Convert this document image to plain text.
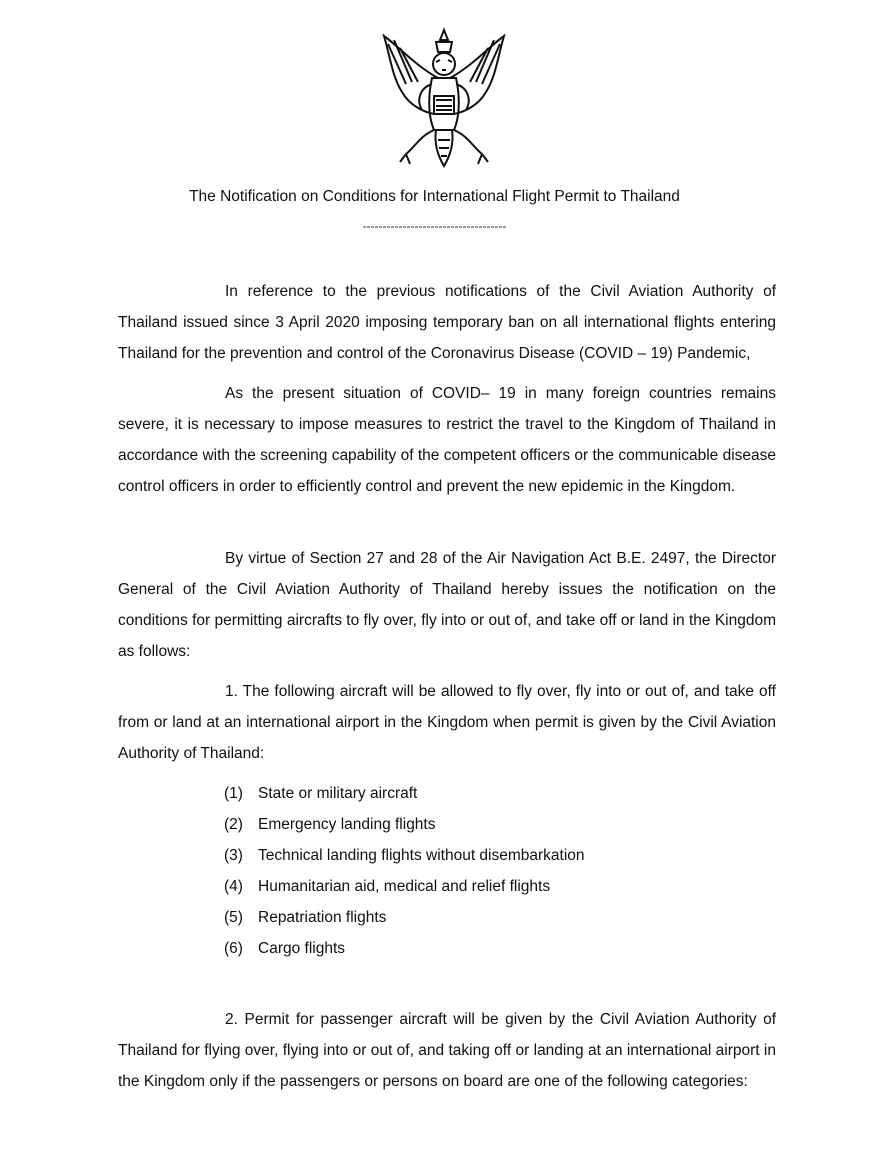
The Notification on Conditions for International Flight Permit to Thailand
------------------------------------

In reference to the previous notifications of the Civil Aviation Authority of Thailand issued since 3 April 2020 imposing temporary ban on all international flights entering Thailand for the prevention and control of the Coronavirus Disease (COVID – 19) Pandemic,

As the present situation of COVID– 19 in many foreign countries remains severe, it is necessary to impose measures to restrict the travel to the Kingdom of Thailand in accordance with the screening capability of the competent officers or the communicable disease control officers in order to efficiently control and prevent the new epidemic in the Kingdom.

By virtue of Section 27 and 28 of the Air Navigation Act B.E. 2497, the Director General of the Civil Aviation Authority of Thailand hereby issues the notification on the conditions for permitting aircrafts to fly over, fly into or out of, and take off or land in the Kingdom as follows:

1. The following aircraft will be allowed to fly over, fly into or out of, and take off from or land at an international airport in the Kingdom when permit is given by the Civil Aviation Authority of Thailand:

(1) State or military aircraft
(2) Emergency landing flights
(3) Technical landing flights without disembarkation
(4) Humanitarian aid, medical and relief flights
(5) Repatriation flights
(6) Cargo flights

2. Permit for passenger aircraft will be given by the Civil Aviation Authority of Thailand for flying over, flying into or out of, and taking off or landing at an international airport in the Kingdom only if the passengers or persons on board are one of the following categories:
